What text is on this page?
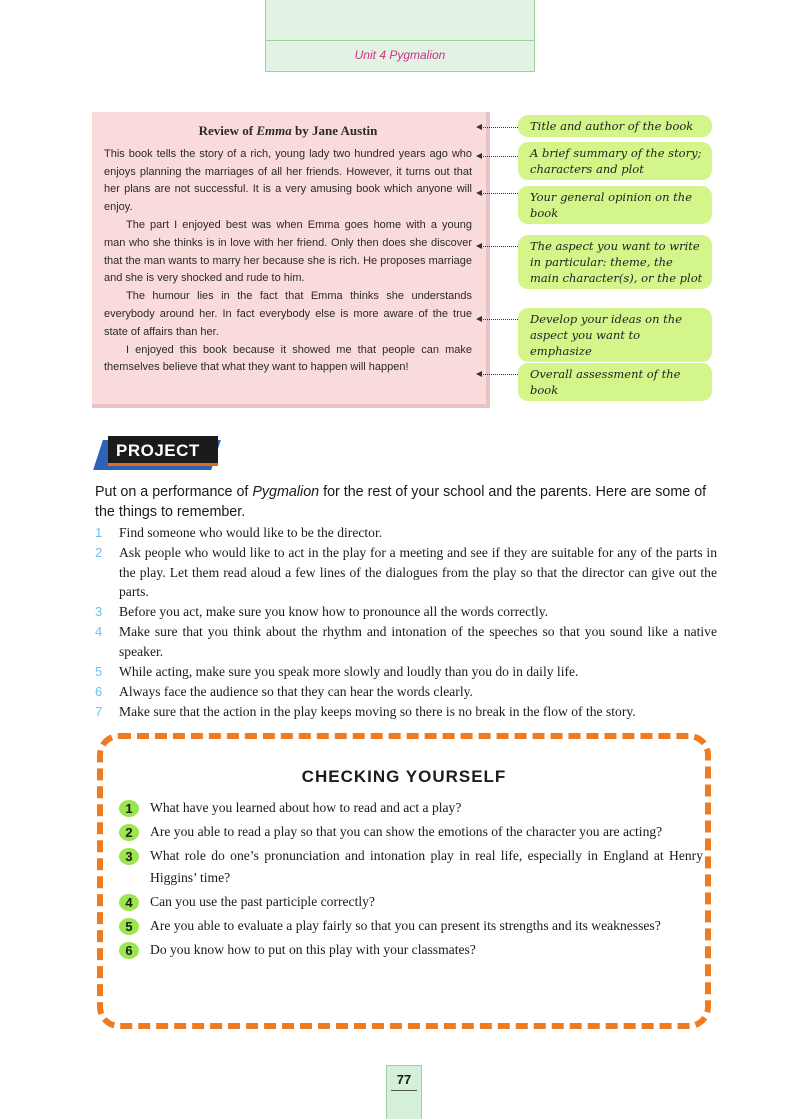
Unit 4 Pygmalion
Review of Emma by Jane Austin

This book tells the story of a rich, young lady two hundred years ago who enjoys planning the marriages of all her friends. However, it turns out that her plans are not successful. It is a very amusing book which anyone will enjoy.

The part I enjoyed best was when Emma goes home with a young man who she thinks is in love with her friend. Only then does she discover that the man wants to marry her because she is rich. He proposes marriage and she is very shocked and rude to him.

The humour lies in the fact that Emma thinks she understands everybody around her. In fact everybody else is more aware of the true state of affairs than her.

I enjoyed this book because it showed me that people can make themselves believe that what they want to happen will happen!

Title and author of the book
A brief summary of the story; characters and plot
Your general opinion on the book
The aspect you want to write in particular: theme, the main character(s), or the plot
Develop your ideas on the aspect you want to emphasize
Overall assessment of the book
PROJECT
Put on a performance of Pygmalion for the rest of your school and the parents. Here are some of the things to remember.
1 Find someone who would like to be the director.
2 Ask people who would like to act in the play for a meeting and see if they are suitable for any of the parts in the play. Let them read aloud a few lines of the dialogues from the play so that the director can give out the parts.
3 Before you act, make sure you know how to pronounce all the words correctly.
4 Make sure that you think about the rhythm and intonation of the speeches so that you sound like a native speaker.
5 While acting, make sure you speak more slowly and loudly than you do in daily life.
6 Always face the audience so that they can hear the words clearly.
7 Make sure that the action in the play keeps moving so there is no break in the flow of the story.
CHECKING YOURSELF
1	What have you learned about how to read and act a play?
2	Are you able to read a play so that you can show the emotions of the character you are acting?
3	What role do one’s pronunciation and intonation play in real life, especially in England at Henry Higgins’ time?
4	Can you use the past participle correctly?
5	Are you able to evaluate a play fairly so that you can present its strengths and its weaknesses?
6	Do you know how to put on this play with your classmates?
77
